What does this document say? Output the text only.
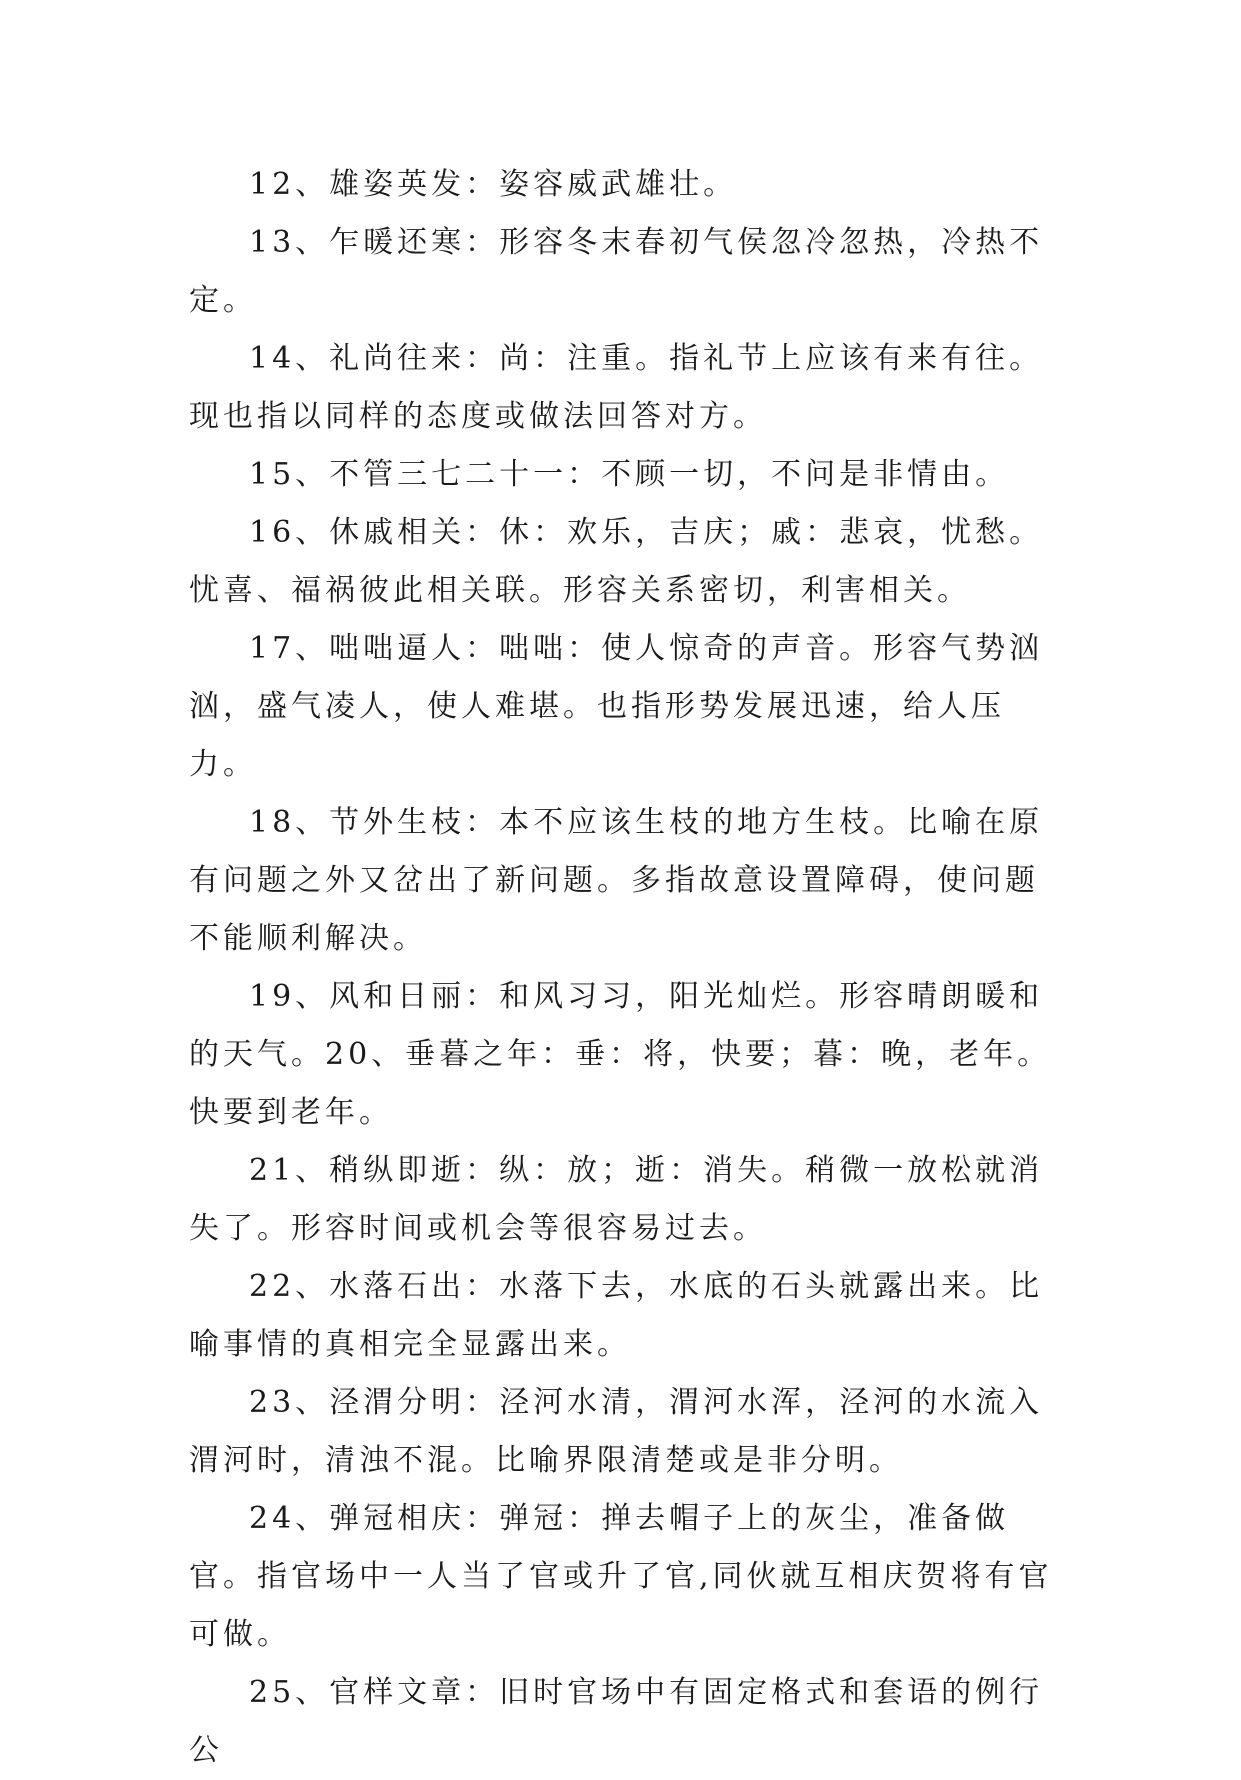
12、雄姿英发：姿容威武雄壮。

13、乍暖还寒：形容冬末春初气侯忽冷忽热，冷热不定。

14、礼尚往来：尚：注重。指礼节上应该有来有往。现也指以同样的态度或做法回答对方。

15、不管三七二十一：不顾一切，不问是非情由。

16、休戚相关：休：欢乐，吉庆；戚：悲哀，忧愁。忧喜、福祸彼此相关联。形容关系密切，利害相关。

17、咄咄逼人：咄咄：使人惊奇的声音。形容气势汹汹，盛气凌人，使人难堪。也指形势发展迅速，给人压力。

18、节外生枝：本不应该生枝的地方生枝。比喻在原有问题之外又岔出了新问题。多指故意设置障碍，使问题不能顺利解决。

19、风和日丽：和风习习，阳光灿烂。形容晴朗暖和的天气。20、垂暮之年：垂：将，快要；暮：晚，老年。快要到老年。

21、稍纵即逝：纵：放；逝：消失。稍微一放松就消失了。形容时间或机会等很容易过去。

22、水落石出：水落下去，水底的石头就露出来。比喻事情的真相完全显露出来。

23、泾渭分明：泾河水清，渭河水浑，泾河的水流入渭河时，清浊不混。比喻界限清楚或是非分明。

24、弹冠相庆：弹冠：掸去帽子上的灰尘，准备做官。指官场中一人当了官或升了官,同伙就互相庆贺将有官可做。

25、官样文章：旧时官场中有固定格式和套语的例行公
